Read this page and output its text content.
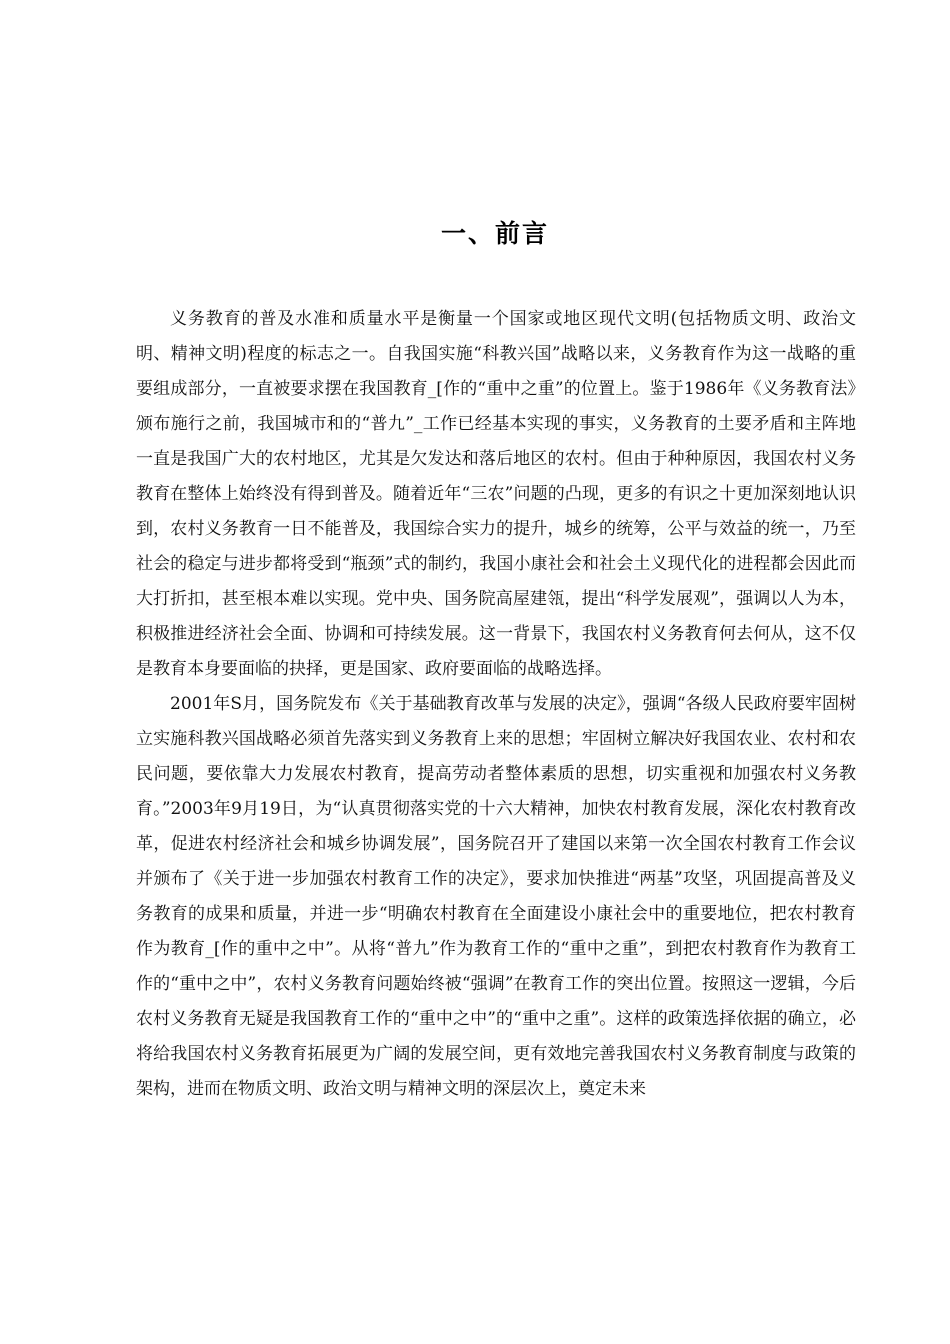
一、前言

义务教育的普及水准和质量水平是衡量一个国家或地区现代文明(包括物质文明、政治文明、精神文明)程度的标志之一。自我国实施“科教兴国”战略以来，义务教育作为这一战略的重要组成部分，一直被要求摆在我国教育_[作的“重中之重”的位置上。鉴于1986年《义务教育法》颁布施行之前，我国城市和的“普九”_工作已经基本实现的事实，义务教育的土要矛盾和主阵地一直是我国广大的农村地区，尤其是欠发达和落后地区的农村。但由于种种原因，我国农村义务教育在整体上始终没有得到普及。随着近年“三农”问题的凸现，更多的有识之十更加深刻地认识到，农村义务教育一日不能普及，我国综合实力的提升，城乡的统筹，公平与效益的统一，乃至社会的稳定与进步都将受到“瓶颈”式的制约，我国小康社会和社会土义现代化的进程都会因此而大打折扣，甚至根本难以实现。党中央、国务院高屋建瓴，提出“科学发展观”，强调以人为本，积极推进经济社会全面、协调和可持续发展。这一背景下，我国农村义务教育何去何从，这不仅是教育本身要面临的抉择，更是国家、政府要面临的战略选择。

2001年S月，国务院发布《关于基础教育改革与发展的决定》，强调“各级人民政府要牢固树立实施科教兴国战略必须首先落实到义务教育上来的思想；牢固树立解决好我国农业、农村和农民问题，要依靠大力发展农村教育，提高劳动者整体素质的思想，切实重视和加强农村义务教育。”2003年9月19日，为“认真贯彻落实党的十六大精神，加快农村教育发展，深化农村教育改革，促进农村经济社会和城乡协调发展”，国务院召开了建国以来第一次全国农村教育工作会议并颁布了《关于进一步加强农村教育工作的决定》，要求加快推进“两基”攻坚，巩固提高普及义务教育的成果和质量，并进一步“明确农村教育在全面建设小康社会中的重要地位，把农村教育作为教育_[作的重中之中”。从将“普九”作为教育工作的“重中之重”，到把农村教育作为教育工作的“重中之中”，农村义务教育问题始终被“强调”在教育工作的突出位置。按照这一逻辑，今后农村义务教育无疑是我国教育工作的“重中之中”的“重中之重”。这样的政策选择依据的确立，必将给我国农村义务教育拓展更为广阔的发展空间，更有效地完善我国农村义务教育制度与政策的架构，进而在物质文明、政治文明与精神文明的深层次上，奠定未来
